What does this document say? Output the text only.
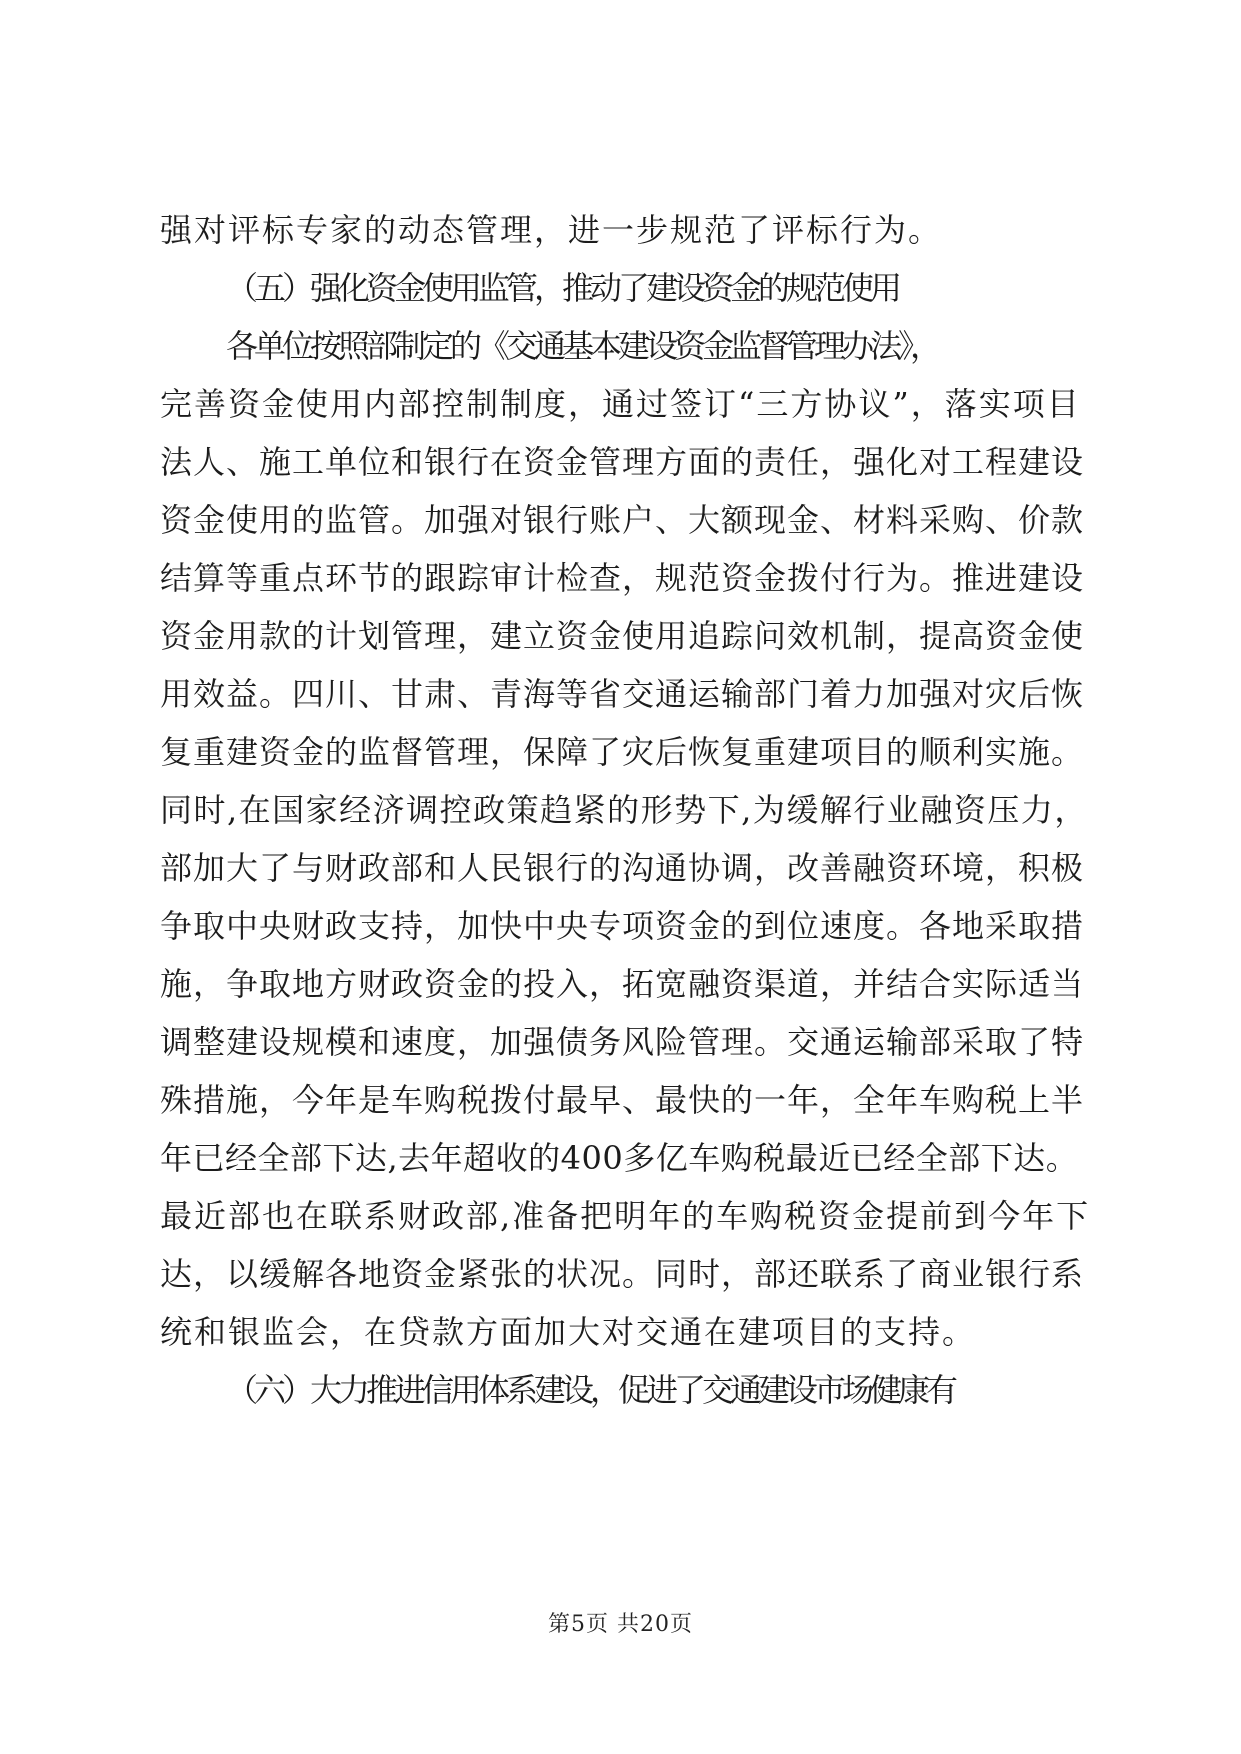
强对评标专家的动态管理，进一步规范了评标行为。
（五）强化资金使用监管，推动了建设资金的规范使用
各单位按照部制定的《交通基本建设资金监督管理办法》，
完善资金使用内部控制制度，通过签订“三方协议”，落实项目
法人、施工单位和银行在资金管理方面的责任，强化对工程建设
资金使用的监管。加强对银行账户、大额现金、材料采购、价款
结算等重点环节的跟踪审计检查，规范资金拨付行为。推进建设
资金用款的计划管理，建立资金使用追踪问效机制，提高资金使
用效益。四川、甘肃、青海等省交通运输部门着力加强对灾后恢
复重建资金的监督管理，保障了灾后恢复重建项目的顺利实施。
同时,在国家经济调控政策趋紧的形势下,为缓解行业融资压力，
部加大了与财政部和人民银行的沟通协调，改善融资环境，积极
争取中央财政支持，加快中央专项资金的到位速度。各地采取措
施，争取地方财政资金的投入，拓宽融资渠道，并结合实际适当
调整建设规模和速度，加强债务风险管理。交通运输部采取了特
殊措施，今年是车购税拨付最早、最快的一年，全年车购税上半
年已经全部下达,去年超收的400多亿车购税最近已经全部下达。
最近部也在联系财政部,准备把明年的车购税资金提前到今年下
达，以缓解各地资金紧张的状况。同时，部还联系了商业银行系
统和银监会，在贷款方面加大对交通在建项目的支持。
（六）大力推进信用体系建设，促进了交通建设市场健康有
第5页 共20页
